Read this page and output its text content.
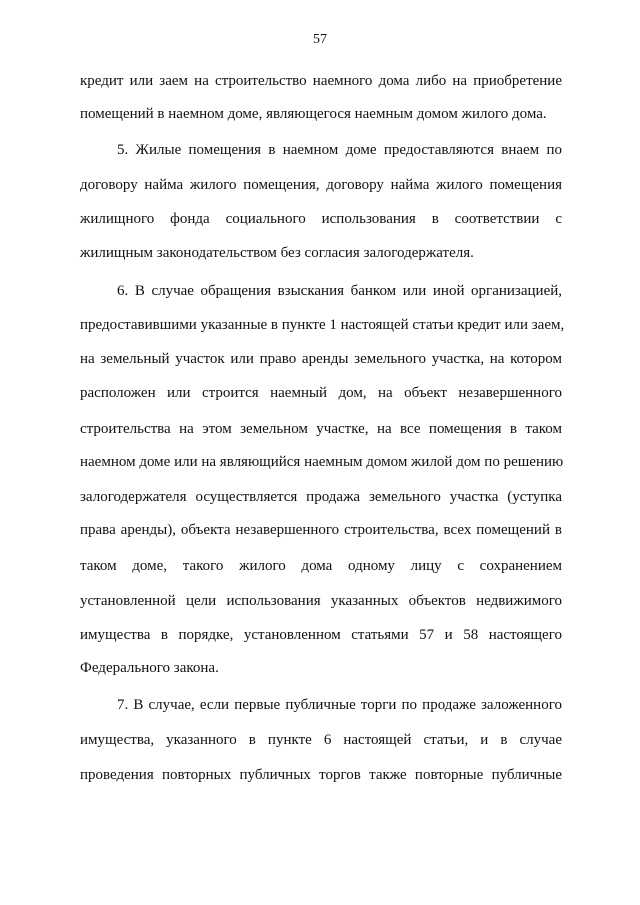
57
кредит или заем на строительство наемного дома либо на приобретение
помещений в наемном доме, являющегося наемным домом жилого дома.
5. Жилые помещения в наемном доме предоставляются внаем по
договору найма жилого помещения, договору найма жилого помещения
жилищного фонда социального использования в соответствии с
жилищным законодательством без согласия залогодержателя.
6. В случае обращения взыскания банком или иной организацией,
предоставившими указанные в пункте 1 настоящей статьи кредит или заем,
на земельный участок или право аренды земельного участка, на котором
расположен или строится наемный дом, на объект незавершенного
строительства на этом земельном участке, на все помещения в таком
наемном доме или на являющийся наемным домом жилой дом по решению
залогодержателя осуществляется продажа земельного участка (уступка
права аренды), объекта незавершенного строительства, всех помещений в
таком доме, такого жилого дома одному лицу с сохранением
установленной цели использования указанных объектов недвижимого
имущества в порядке, установленном статьями 57 и 58 настоящего
Федерального закона.
7. В случае, если первые публичные торги по продаже заложенного
имущества, указанного в пункте 6 настоящей статьи, и в случае
проведения повторных публичных торгов также повторные публичные
